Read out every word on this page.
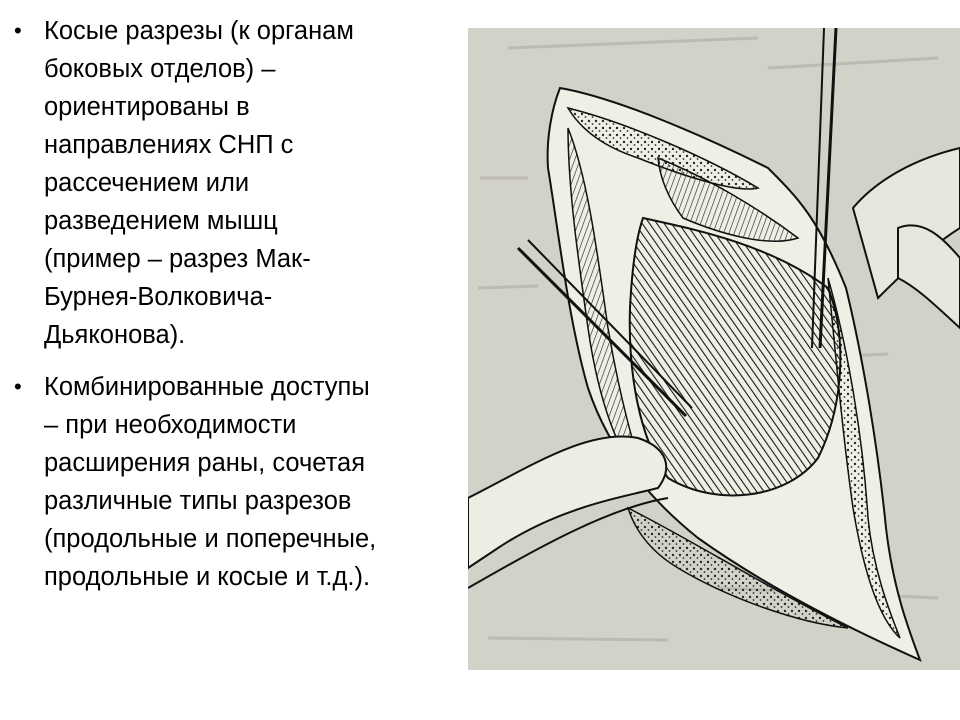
• Косые разрезы (к органам
боковых отделов) –
ориентированы в
направлениях СНП с
рассечением или
разведением мышц
(пример – разрез Мак-
Бурнея-Волковича-
Дьяконова).
• Комбинированные доступы
– при необходимости
расширения раны, сочетая
различные типы разрезов
(продольные и поперечные,
продольные и косые и т.д.).
